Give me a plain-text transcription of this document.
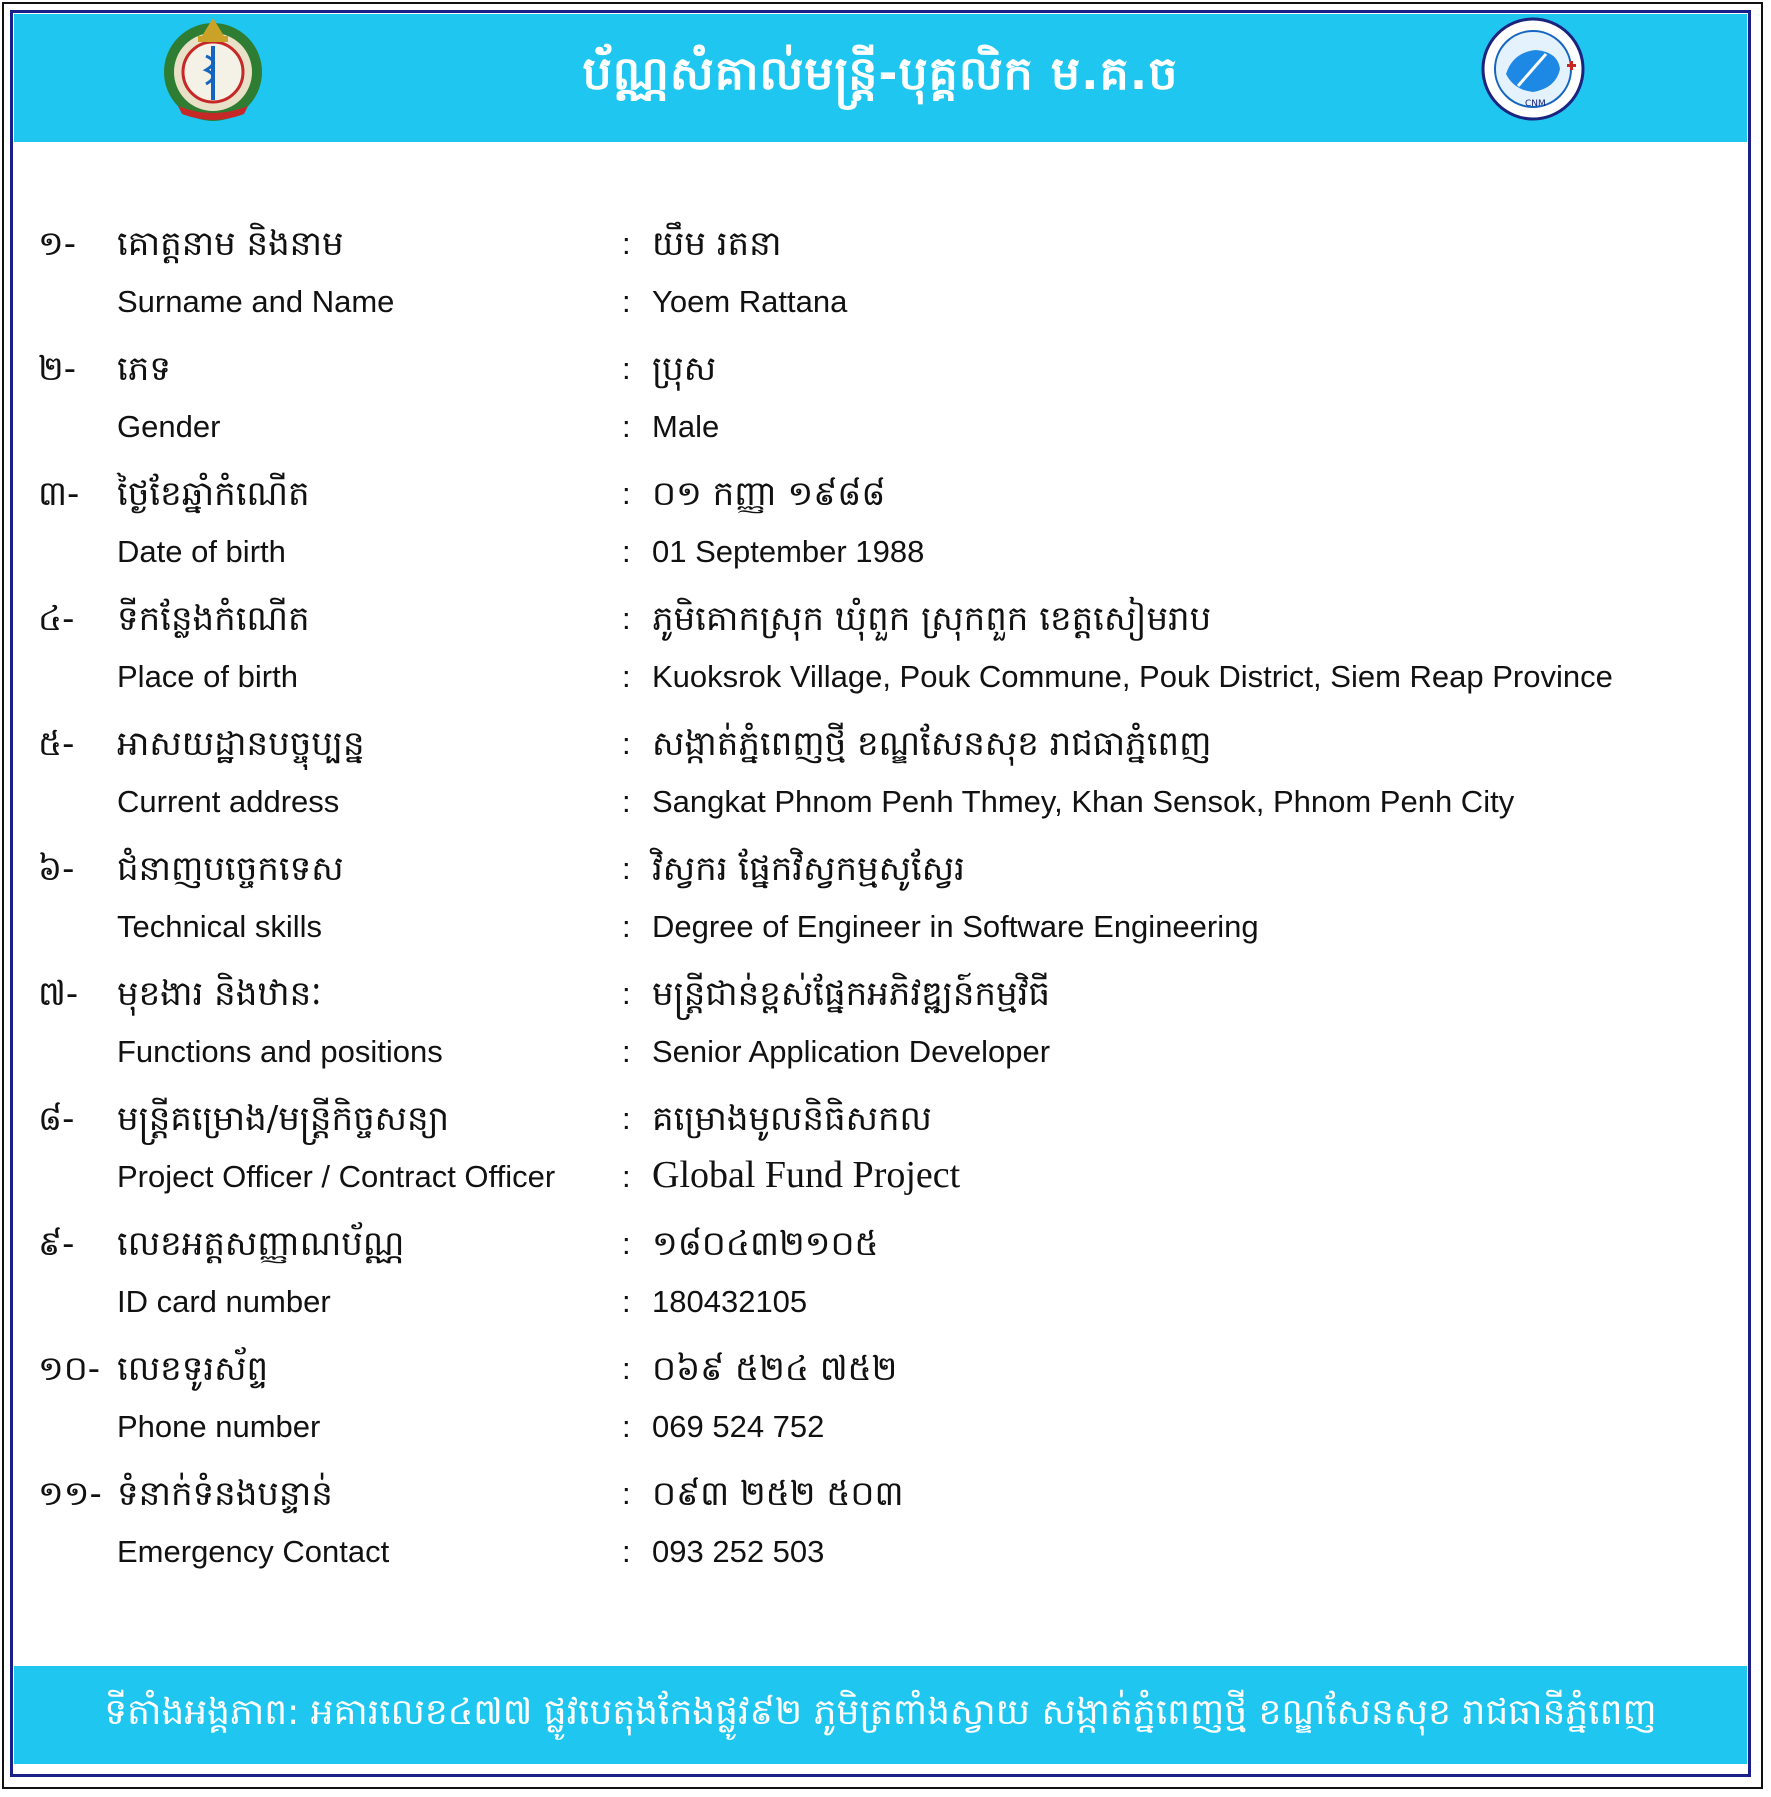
ប័ណ្ណសំគាល់មន្រ្តី-បុគ្គលិក ម.គ.ច
CNM
១- គោត្តនាម និងនាម	: យឹម រតនា
Surname and Name	: Yoem Rattana
២- ភេទ	: ប្រុស
Gender	: Male
៣- ថ្ងៃខែឆ្នាំកំណើត	: ០១ កញ្ញា ១៩៨៨
Date of birth	: 01 September 1988
៤- ទីកន្លែងកំណើត	: ភូមិគោកស្រុក ឃុំពួក ស្រុកពួក ខេត្តសៀមរាប
Place of birth	: Kuoksrok Village, Pouk Commune, Pouk District, Siem Reap Province
៥- អាសយដ្ឋានបច្ចុប្បន្ន	: សង្កាត់ភ្នំពេញថ្មី ខណ្ឌសែនសុខ រាជធាភ្នំពេញ
Current address	: Sangkat Phnom Penh Thmey, Khan Sensok, Phnom Penh City
៦- ជំនាញបច្ចេកទេស	: វិស្វករ ផ្នែកវិស្វកម្មសូស្វែរ
Technical skills	: Degree of Engineer in Software Engineering
៧- មុខងារ និងឋានៈ	: មន្ត្រីជាន់ខ្ពស់ផ្នែកអភិវឌ្ឍន៍កម្មវិធី
Functions and positions	: Senior Application Developer
៨- មន្ត្រីគម្រោង/មន្ត្រីកិច្ចសន្យា	: គម្រោងមូលនិធិសកល
Project Officer / Contract Officer : Global Fund Project
៩- លេខអត្តសញ្ញាណប័ណ្ណ	: ១៨០៤៣២១០៥
ID card number	: 180432105
១០- លេខទូរស័ព្ទ	: ០៦៩ ៥២៤ ៧៥២
Phone number	: 069 524 752
១១- ទំនាក់ទំនងបន្ទាន់	: ០៩៣ ២៥២ ៥០៣
Emergency Contact	: 093 252 503
ទីតាំងអង្គភាព: អគារលេខ៤៧៧ ផ្លូវបេតុងកែងផ្លូវ៩២ ភូមិត្រពាំងស្វាយ សង្កាត់ភ្នំពេញថ្មី ខណ្ឌសែនសុខ រាជធានីភ្នំពេញ
